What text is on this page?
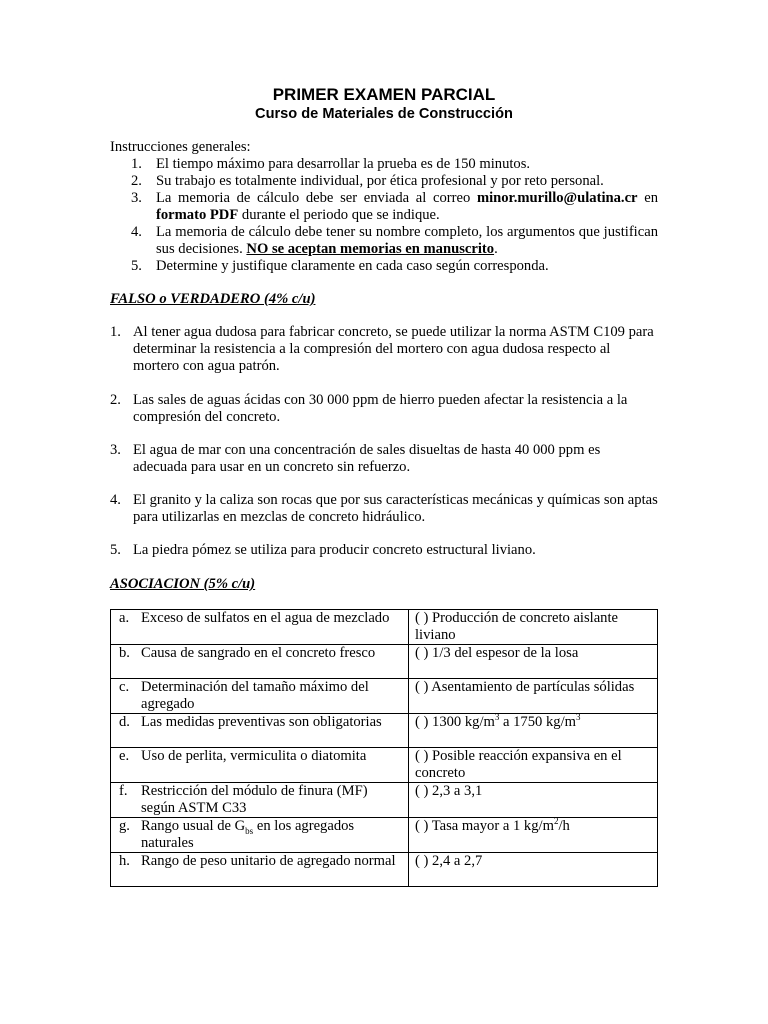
PRIMER EXAMEN PARCIAL
Curso de Materiales de Construcción
Instrucciones generales:
1. El tiempo máximo para desarrollar la prueba es de 150 minutos.
2. Su trabajo es totalmente individual, por ética profesional y por reto personal.
3. La memoria de cálculo debe ser enviada al correo minor.murillo@ulatina.cr en formato PDF durante el periodo que se indique.
4. La memoria de cálculo debe tener su nombre completo, los argumentos que justifican sus decisiones. NO se aceptan memorias en manuscrito.
5. Determine y justifique claramente en cada caso según corresponda.
FALSO o VERDADERO (4% c/u)
1. Al tener agua dudosa para fabricar concreto, se puede utilizar la norma ASTM C109 para determinar la resistencia a la compresión del mortero con agua dudosa respecto al mortero con agua patrón.
2. Las sales de aguas ácidas con 30 000 ppm de hierro pueden afectar la resistencia a la compresión del concreto.
3. El agua de mar con una concentración de sales disueltas de hasta 40 000 ppm es adecuada para usar en un concreto sin refuerzo.
4. El granito y la caliza son rocas que por sus características mecánicas y químicas son aptas para utilizarlas en mezclas de concreto hidráulico.
5. La piedra pómez se utiliza para producir concreto estructural liviano.
ASOCIACION (5% c/u)
a. Exceso de sulfatos en el agua de mezclado	( ) Producción de concreto aislante liviano

b. Causa de sangrado en el concreto fresco	( ) 1/3 del espesor de la losa

c. Determinación del tamaño máximo del agregado	( ) Asentamiento de partículas sólidas

d. Las medidas preventivas son obligatorias	( ) 1300 $kg/m^3$ a 1750 $kg/m^3$

e. Uso de perlita, vermiculita o diatomita	( ) Posible reacción expansiva en el concreto

f. Restricción del módulo de finura (MF) según ASTM C33	( ) 2,3 a 3,1

g. Rango usual de $G_{bs}$ en los agregados naturales	( ) Tasa mayor a 1 $kg/m^2/h$

h. Rango de peso unitario de agregado normal	( ) 2,4 a 2,7
